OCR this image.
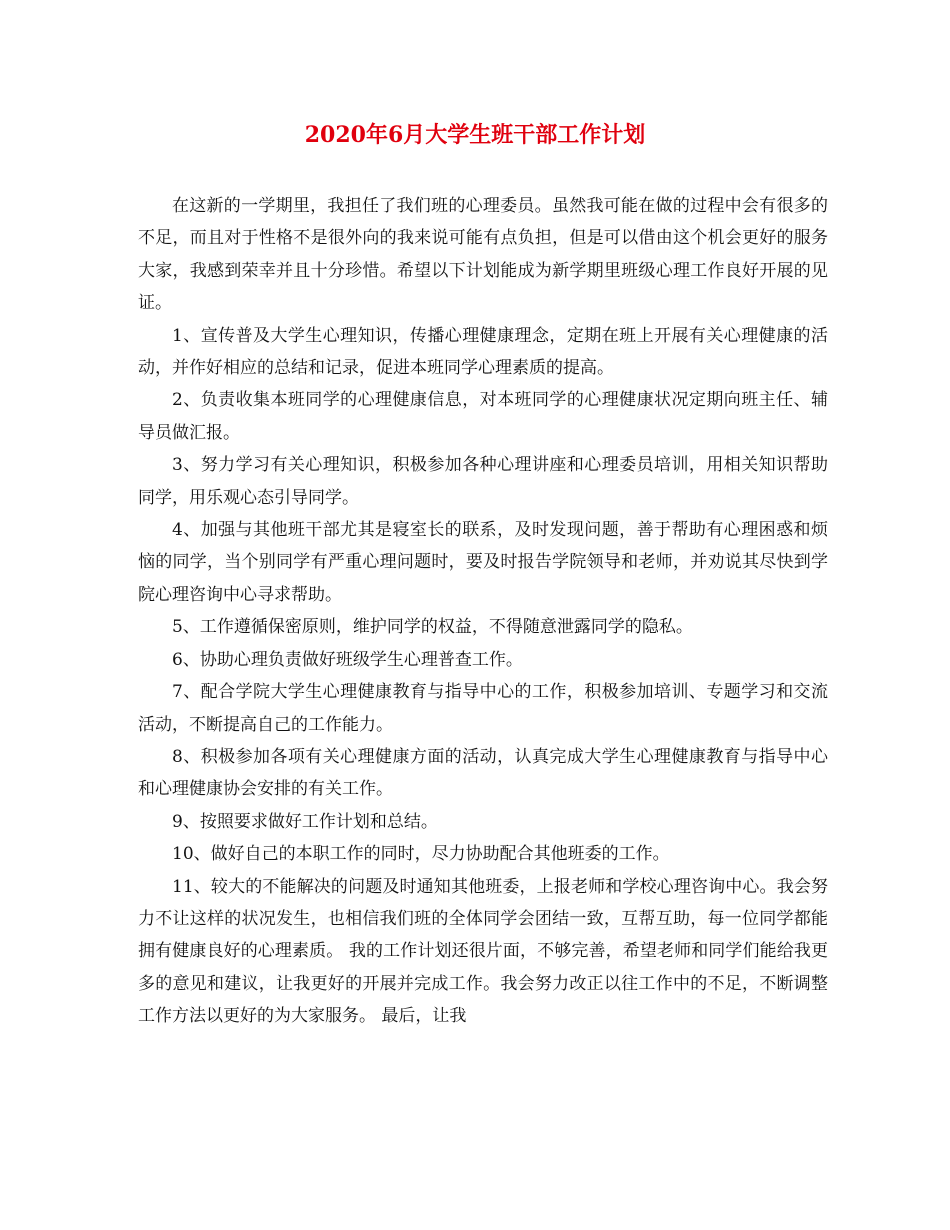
2020年6月大学生班干部工作计划

在这新的一学期里，我担任了我们班的心理委员。虽然我可能在做的过程中会有很多的不足，而且对于性格不是很外向的我来说可能有点负担，但是可以借由这个机会更好的服务大家，我感到荣幸并且十分珍惜。希望以下计划能成为新学期里班级心理工作良好开展的见证。

1、宣传普及大学生心理知识，传播心理健康理念，定期在班上开展有关心理健康的活动，并作好相应的总结和记录，促进本班同学心理素质的提高。

2、负责收集本班同学的心理健康信息，对本班同学的心理健康状况定期向班主任、辅导员做汇报。

3、努力学习有关心理知识，积极参加各种心理讲座和心理委员培训，用相关知识帮助同学，用乐观心态引导同学。

4、加强与其他班干部尤其是寝室长的联系，及时发现问题，善于帮助有心理困惑和烦恼的同学，当个别同学有严重心理问题时，要及时报告学院领导和老师，并劝说其尽快到学院心理咨询中心寻求帮助。

5、工作遵循保密原则，维护同学的权益，不得随意泄露同学的隐私。

6、协助心理负责做好班级学生心理普查工作。

7、配合学院大学生心理健康教育与指导中心的工作，积极参加培训、专题学习和交流活动，不断提高自己的工作能力。

8、积极参加各项有关心理健康方面的活动，认真完成大学生心理健康教育与指导中心和心理健康协会安排的有关工作。

9、按照要求做好工作计划和总结。

10、做好自己的本职工作的同时，尽力协助配合其他班委的工作。

11、较大的不能解决的问题及时通知其他班委，上报老师和学校心理咨询中心。我会努力不让这样的状况发生，也相信我们班的全体同学会团结一致，互帮互助，每一位同学都能拥有健康良好的心理素质。 我的工作计划还很片面，不够完善，希望老师和同学们能给我更多的意见和建议，让我更好的开展并完成工作。我会努力改正以往工作中的不足，不断调整工作方法以更好的为大家服务。 最后，让我
